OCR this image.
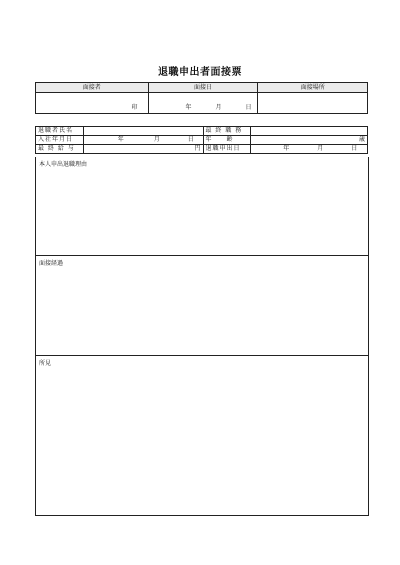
退職申出者面接票
面接者	面接日	面接場所
印	年 月 日	
退職者氏名		最 終 職 務	
入社年月日	年 月 日	年　　齢	歳
最 終 給 与	円	退職申出日	年 月 日
本人申出退職理由
面接経過
所見
